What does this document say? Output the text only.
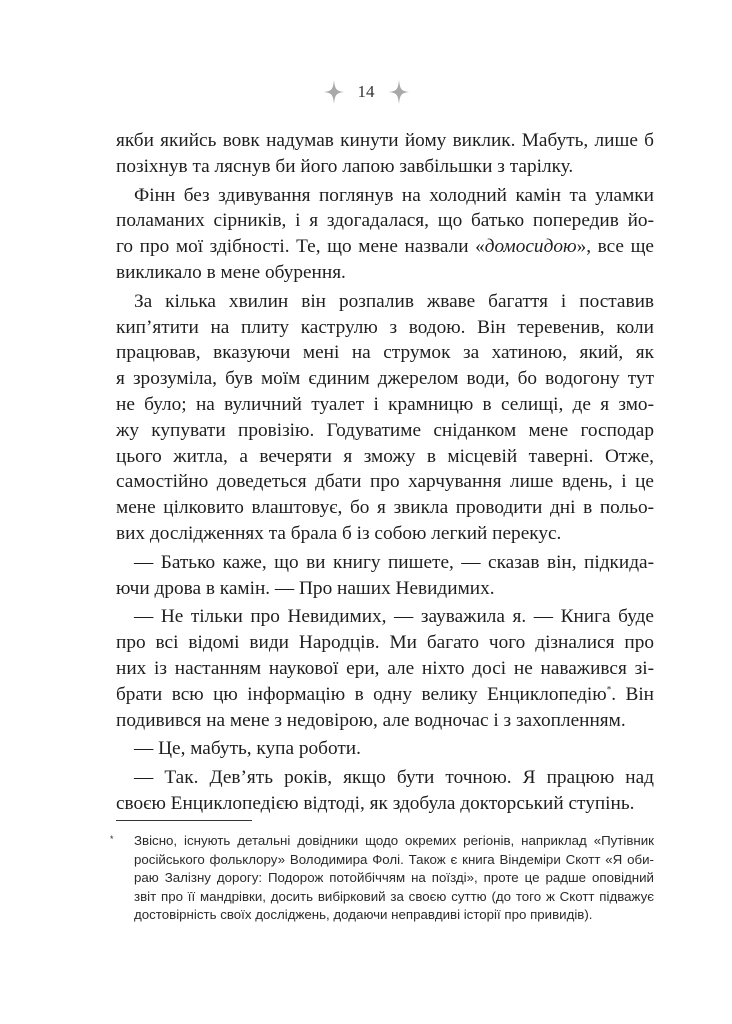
14
якби якийсь вовк надумав кинути йому виклик. Мабуть, лише б
позіхнув та ляснув би його лапою завбільшки з тарілку.
Фінн без здивування поглянув на холодний камін та уламки
поламаних сірників, і я здогадалася, що батько попередив йо-
го про мої здібності. Те, що мене назвали «домосидою», все ще
викликало в мене обурення.
За кілька хвилин він розпалив жваве багаття і поставив
кип’ятити на плиту каструлю з водою. Він теревенив, коли
працював, вказуючи мені на струмок за хатиною, який, як
я зрозуміла, був моїм єдиним джерелом води, бо водогону тут
не було; на вуличний туалет і крамницю в селищі, де я змо-
жу купувати провізію. Годуватиме сніданком мене господар
цього житла, а вечеряти я зможу в місцевій таверні. Отже,
самостійно доведеться дбати про харчування лише вдень, і це
мене цілковито влаштовує, бо я звикла проводити дні в польо-
вих дослідженнях та брала б із собою легкий перекус.
— Батько каже, що ви книгу пишете, — сказав він, підкида-
ючи дрова в камін. — Про наших Невидимих.
— Не тільки про Невидимих, — зауважила я. — Книга буде
про всі відомі види Народців. Ми багато чого дізналися про
них із настанням наукової ери, але ніхто досі не наважився зі-
брати всю цю інформацію в одну велику Енциклопедію*. Він
подивився на мене з недовірою, але водночас і з захопленням.
— Це, мабуть, купа роботи.
— Так. Дев’ять років, якщо бути точною. Я працюю над
своєю Енциклопедією відтоді, як здобула докторський ступінь.
*	Звісно, існують детальні довідники щодо окремих регіонів, наприклад «Путівник
російського фольклору» Володимира Фолі. Також є книга Віндеміри Скотт «Я оби-
раю Залізну дорогу: Подорож потойбіччям на поїзді», проте це радше оповідний
звіт про її мандрівки, досить вибірковий за своєю суттю (до того ж Скотт підважує
достовірність своїх досліджень, додаючи неправдиві історії про привидів).
